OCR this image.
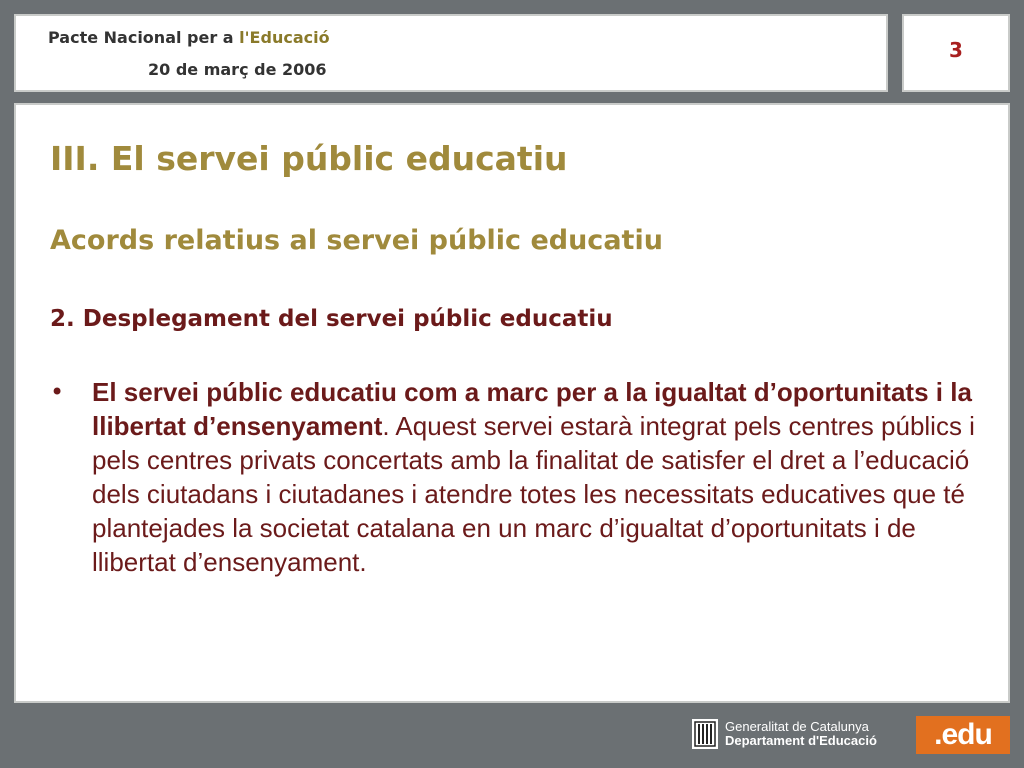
Pacte Nacional per a l'Educació
20 de març de 2006
3
III. El servei públic educatiu
Acords relatius al servei públic educatiu
2. Desplegament del servei públic educatiu
•	El servei públic educatiu com a marc per a la igualtat d’oportunitats i la llibertat d’ensenyament. Aquest servei estarà integrat pels centres públics i pels centres privats concertats amb la finalitat de satisfer el dret a l’educació dels ciutadans i ciutadanes i atendre totes les necessitats educatives que té plantejades la societat catalana en un marc d’igualtat d’oportunitats i de llibertat d’ensenyament.
Generalitat de Catalunya
Departament d'Educació	.edu
